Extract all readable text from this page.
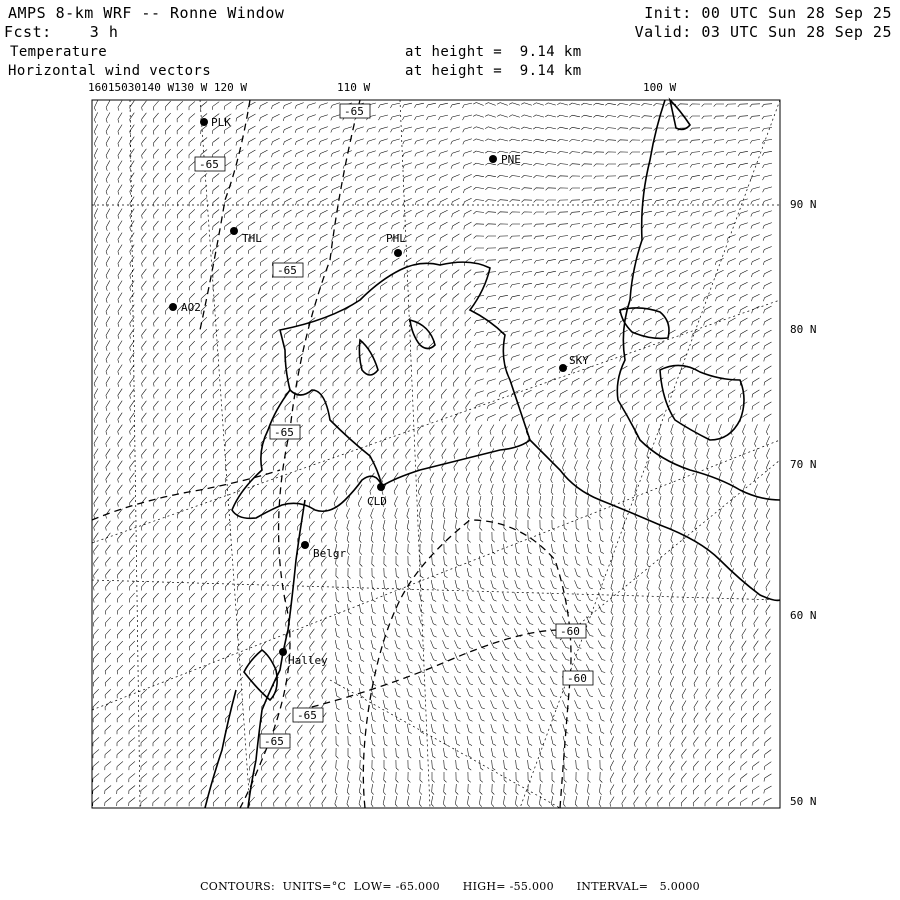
AMPS 8-km WRF -- Ronne Window	Init: 00 UTC Sun 28 Sep 25
Fcst:    3 h	Valid: 03 UTC Sun 28 Sep 25
Temperature
Horizontal wind vectors
at height =  9.14 km
at height =  9.14 km
16015030140 W130 W 120 W	110 W	100 W
90 N
80 N
70 N
60 N
50 N
-65
-65
-65
-65
-60
-60
-65
-65
PLK
PNE
THL	PHL
AO2
SKY
CLD
Belgr
Halley
CONTOURS:  UNITS=°C  LOW= -65.000      HIGH= -55.000      INTERVAL=   5.0000
